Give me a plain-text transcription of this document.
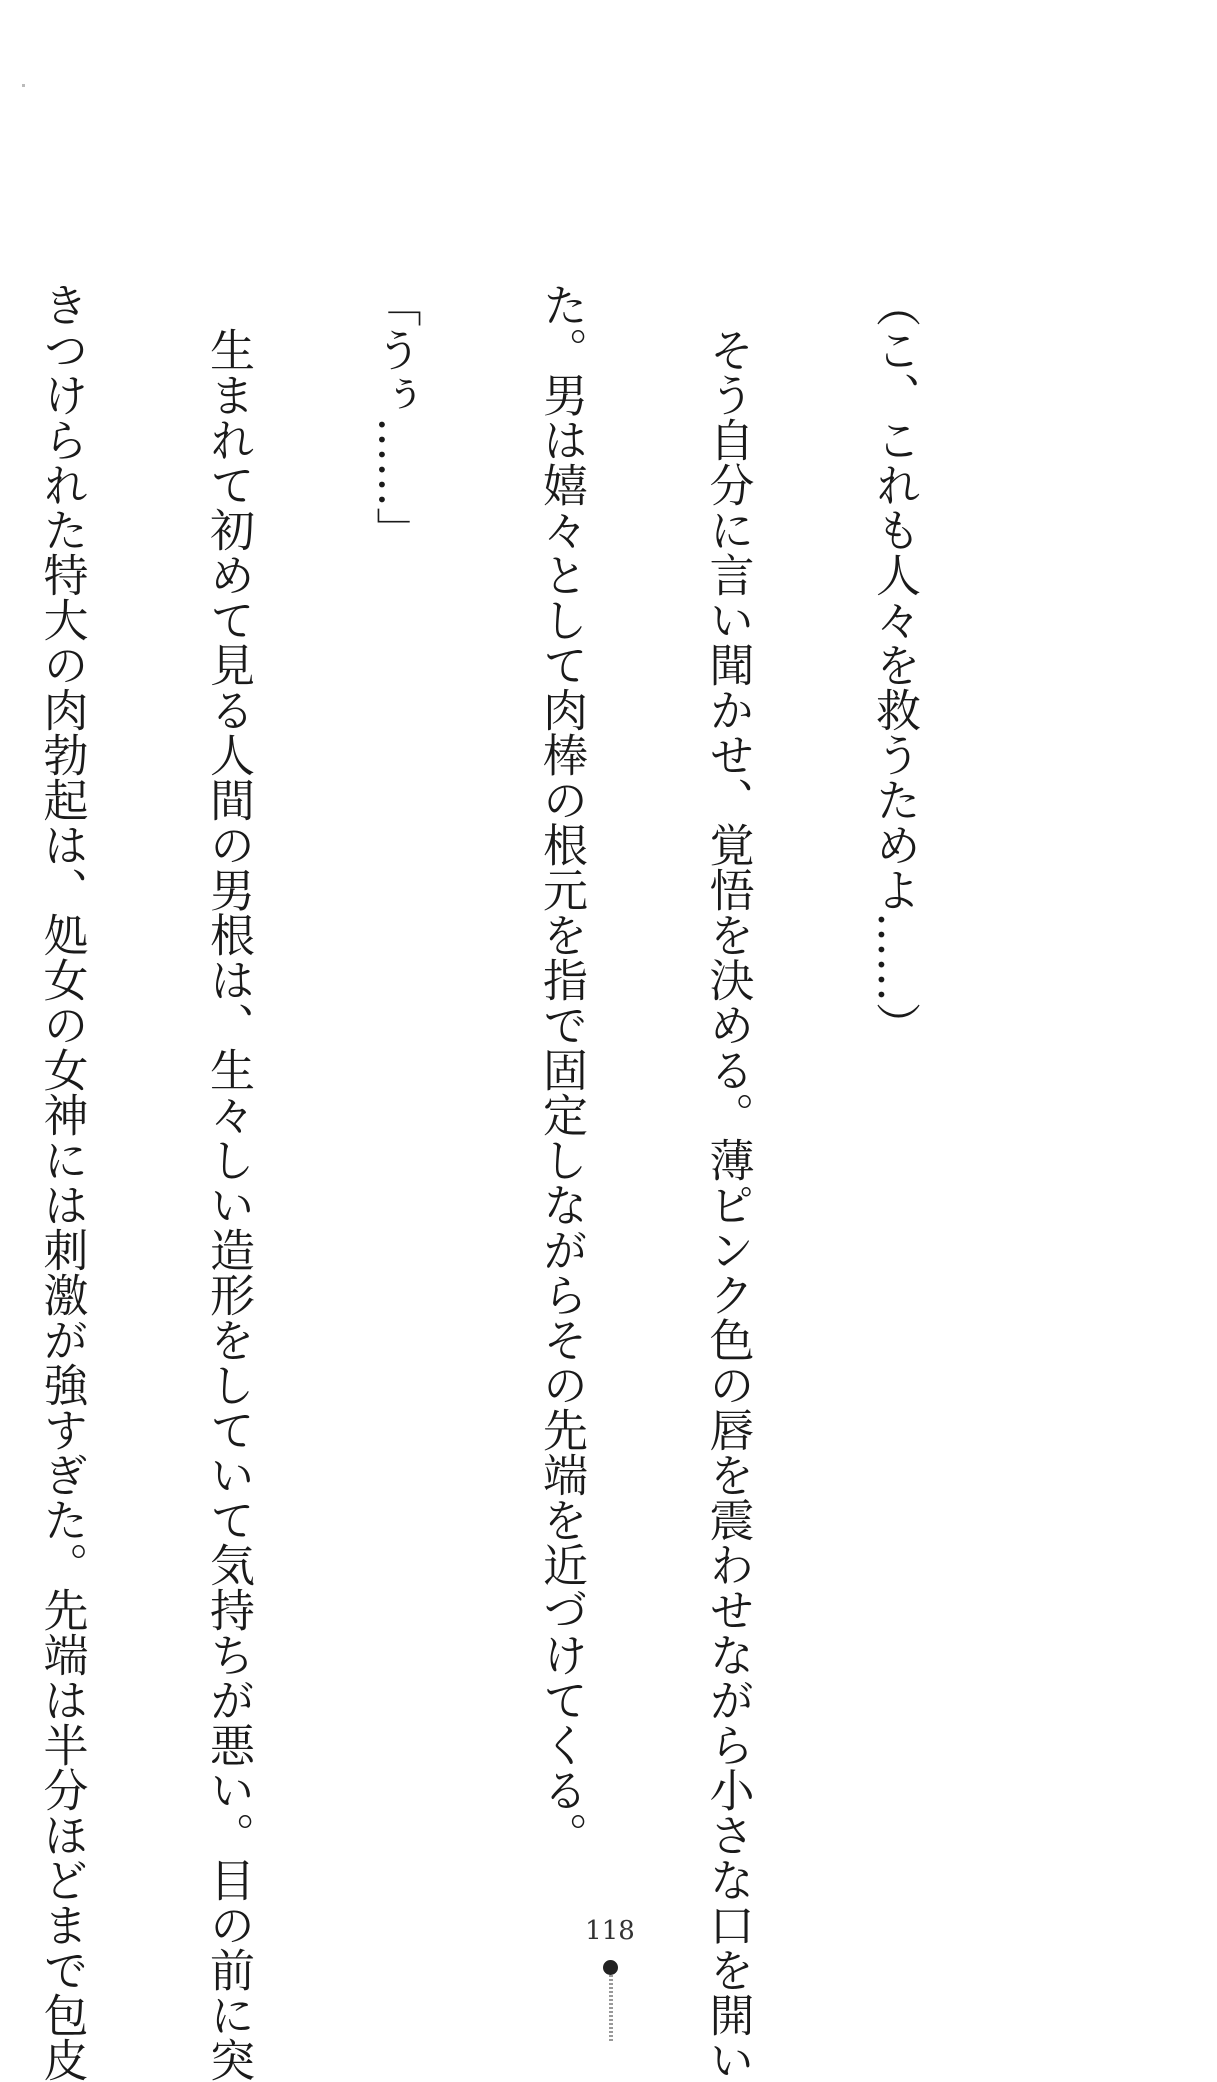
（こ、これも人々を救うためよ……）

　そう自分に言い聞かせ、覚悟を決める。薄ピンク色の唇を震わせながら小さな口を開い

た。男は嬉々として肉棒の根元を指で固定しながらその先端を近づけてくる。

「うぅ……」

　生まれて初めて見る人間の男根は、生々しい造形をしていて気持ちが悪い。目の前に突

きつけられた特大の肉勃起は、処女の女神には刺激が強すぎた。先端は半分ほどまで包皮

	118
